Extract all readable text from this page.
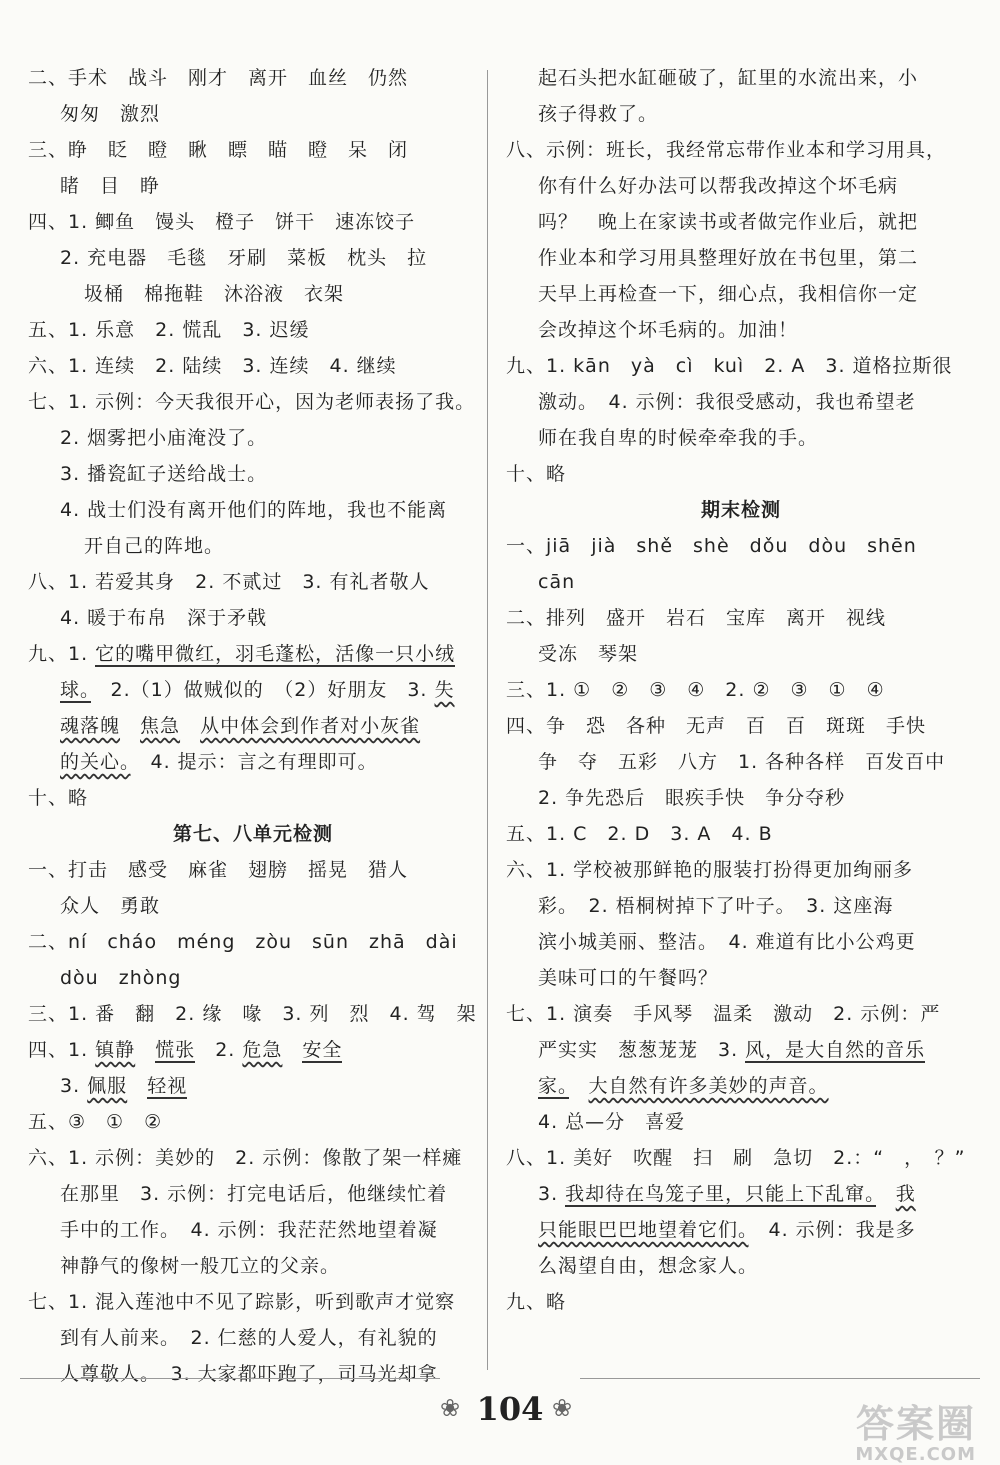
二、手术　战斗　刚才　离开　血丝　仍然
匆匆　激烈
三、睁　眨　瞪　瞅　瞟　瞄　瞪　呆　闭
睹　目　睁
四、1. 鲫鱼　馒头　橙子　饼干　速冻饺子
2. 充电器　毛毯　牙刷　菜板　枕头　拉
圾桶　棉拖鞋　沐浴液　衣架
五、1. 乐意　2. 慌乱　3. 迟缓
六、1. 连续　2. 陆续　3. 连续　4. 继续
七、1. 示例：今天我很开心，因为老师表扬了我。
2. 烟雾把小庙淹没了。
3. 播瓷缸子送给战士。
4. 战士们没有离开他们的阵地，我也不能离
开自己的阵地。
八、1. 若爱其身　2. 不贰过　3. 有礼者敬人
4. 暖于布帛　深于矛戟
九、1. 它的嘴甲微红，羽毛蓬松，活像一只小绒
球。　2.（1）做贼似的　（2）好朋友　3. 失
魂落魄　 焦急　 从中体会到作者对小灰雀
的关心。　4. 提示：言之有理即可。
十、略
第七、八单元检测
一、打击　感受　麻雀　翅膀　摇晃　猎人
众人　勇敢
二、ní　cháo　méng　zòu　sūn　zhā　dài
dòu　zhòng
三、1. 番　翻　2. 缘　喙　3. 列　烈　4. 驾　架
四、1. 镇静　 慌张　2. 危急　 安全
3. 佩服　 轻视
五、③　①　②
六、1. 示例：美妙的　2. 示例：像散了架一样瘫
在那里　3. 示例：打完电话后，他继续忙着
手中的工作。　4. 示例：我茫茫然地望着凝
神静气的像树一般兀立的父亲。
七、1. 混入莲池中不见了踪影，听到歌声才觉察
到有人前来。　2. 仁慈的人爱人，有礼貌的
人尊敬人。　3. 大家都吓跑了，司马光却拿
起石头把水缸砸破了，缸里的水流出来，小
孩子得救了。
八、示例：班长，我经常忘带作业本和学习用具，
你有什么好办法可以帮我改掉这个坏毛病
吗？　晚上在家读书或者做完作业后，就把
作业本和学习用具整理好放在书包里，第二
天早上再检查一下，细心点，我相信你一定
会改掉这个坏毛病的。加油！
九、1. kān　yà　cì　kuì　2. A　3. 道格拉斯很
激动。　4. 示例：我很受感动，我也希望老
师在我自卑的时候牵牵我的手。
十、略
期末检测
一、jiā　jià　shě　shè　dǒu　dòu　shēn
cān
二、排列　盛开　岩石　宝库　离开　视线
受冻　琴架
三、1. ①　②　③　④　2. ②　③　①　④
四、争　恐　各种　无声　百　百　斑斑　手快
争　夺　五彩　八方　1. 各种各样　百发百中
2. 争先恐后　眼疾手快　争分夺秒
五、1. C　2. D　3. A　4. B
六、1. 学校被那鲜艳的服装打扮得更加绚丽多
彩。　2. 梧桐树掉下了叶子。　3. 这座海
滨小城美丽、整洁。　4. 难道有比小公鸡更
美味可口的午餐吗？
七、1. 演奏　手风琴　温柔　激动　2. 示例：严
严实实　葱葱茏茏　3. 风，是大自然的音乐
家。　 大自然有许多美妙的声音。
4. 总—分　喜爱
八、1. 美好　吹醒　扫　刷　急切　2.：“　，　？”
3. 我却待在鸟笼子里，只能上下乱窜。　 我
只能眼巴巴地望着它们。　4. 示例：我是多
么渴望自由，想念家人。
九、略
❀ 104 ❀	答案圈
MXQE.COM
